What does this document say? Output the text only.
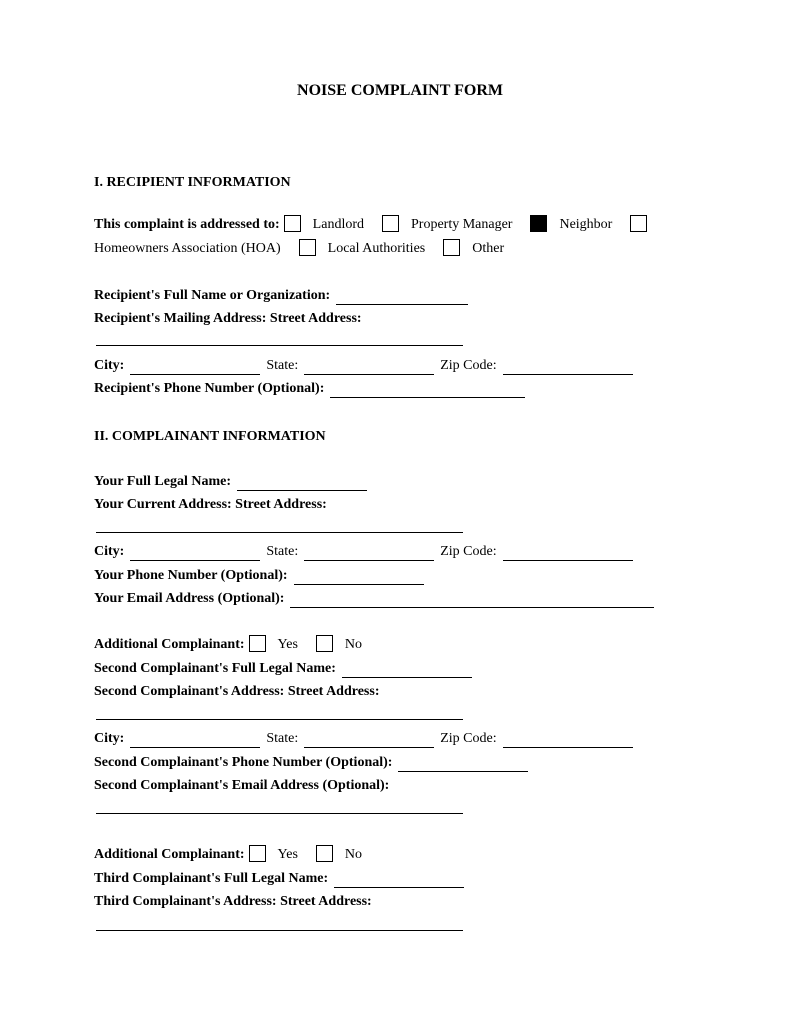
NOISE COMPLAINT FORM
I. RECIPIENT INFORMATION
This complaint is addressed to: Landlord	Property Manager	Neighbor
Homeowners Association (HOA)	Local Authorities	Other
Recipient's Full Name or Organization:
Recipient's Mailing Address: Street Address:
City:	State:	Zip Code:
Recipient's Phone Number (Optional):
II. COMPLAINANT INFORMATION
Your Full Legal Name:
Your Current Address: Street Address:
City:	State:	Zip Code:
Your Phone Number (Optional):
Your Email Address (Optional):
Additional Complainant: Yes	No
Second Complainant's Full Legal Name:
Second Complainant's Address: Street Address:
City:	State:	Zip Code:
Second Complainant's Phone Number (Optional):
Second Complainant's Email Address (Optional):
Additional Complainant: Yes	No
Third Complainant's Full Legal Name:
Third Complainant's Address: Street Address:
